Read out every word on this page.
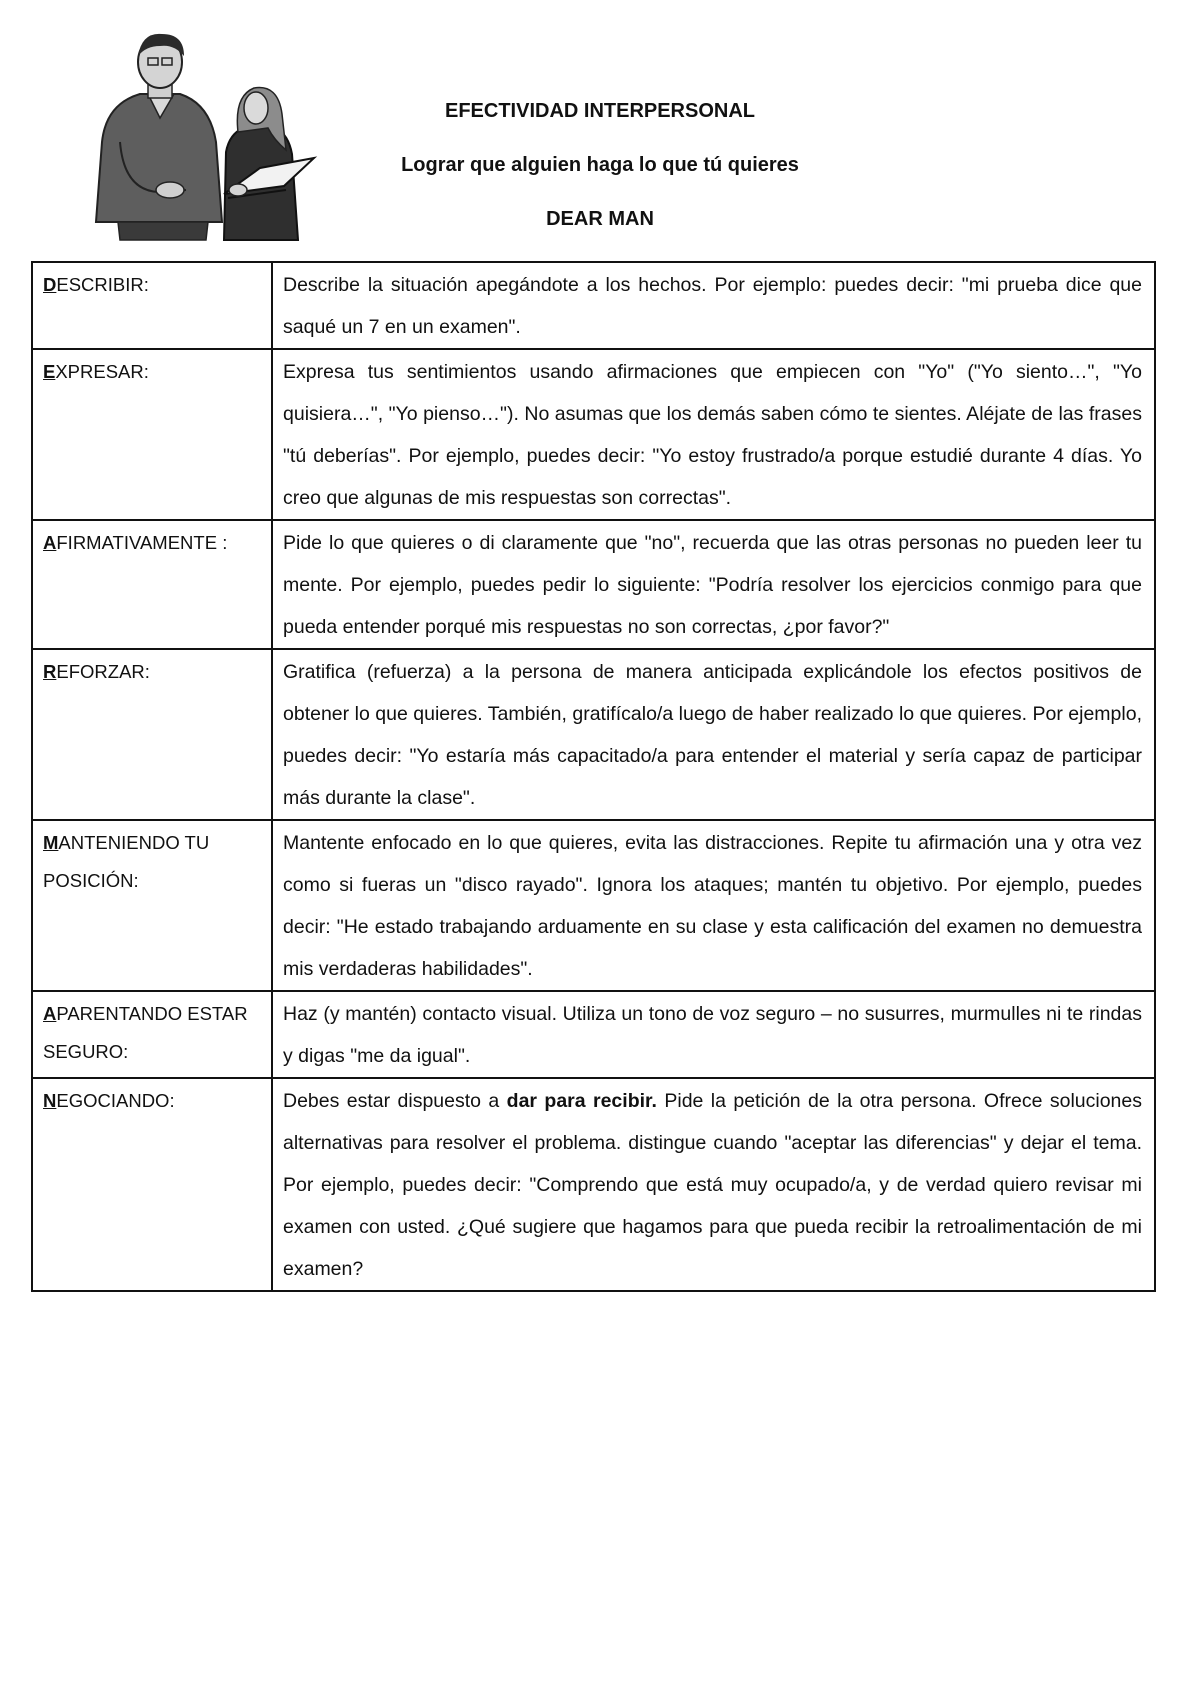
EFECTIVIDAD INTERPERSONAL

Lograr que alguien haga lo que tú quieres

DEAR MAN

DESCRIBIR:	Describe la situación apegándote a los hechos. Por ejemplo: puedes decir: "mi prueba dice que saqué un 7 en un examen".
EXPRESAR:	Expresa tus sentimientos usando afirmaciones que empiecen con "Yo" ("Yo siento…", "Yo quisiera…", "Yo pienso…"). No asumas que los demás saben cómo te sientes. Aléjate de las frases "tú deberías". Por ejemplo, puedes decir: "Yo estoy frustrado/a porque estudié durante 4 días. Yo creo que algunas de mis respuestas son correctas".
AFIRMATIVAMENTE :	Pide lo que quieres o di claramente que "no", recuerda que las otras personas no pueden leer tu mente. Por ejemplo, puedes pedir lo siguiente: "Podría resolver los ejercicios conmigo para que pueda entender porqué mis respuestas no son correctas, ¿por favor?"
REFORZAR:	Gratifica (refuerza) a la persona de manera anticipada explicándole los efectos positivos de obtener lo que quieres. También, gratifícalo/a luego de haber realizado lo que quieres. Por ejemplo, puedes decir: "Yo estaría más capacitado/a para entender el material y sería capaz de participar más durante la clase".
MANTENIENDO TU POSICIÓN:	Mantente enfocado en lo que quieres, evita las distracciones. Repite tu afirmación una y otra vez como si fueras un "disco rayado". Ignora los ataques; mantén tu objetivo. Por ejemplo, puedes decir: "He estado trabajando arduamente en su clase y esta calificación del examen no demuestra mis verdaderas habilidades".
APARENTANDO ESTAR SEGURO:	Haz (y mantén) contacto visual. Utiliza un tono de voz seguro – no susurres, murmulles ni te rindas y digas "me da igual".
NEGOCIANDO:	Debes estar dispuesto a dar para recibir. Pide la petición de la otra persona. Ofrece soluciones alternativas para resolver el problema. distingue cuando "aceptar las diferencias" y dejar el tema. Por ejemplo, puedes decir: "Comprendo que está muy ocupado/a, y de verdad quiero revisar mi examen con usted. ¿Qué sugiere que hagamos para que pueda recibir la retroalimentación de mi examen?
